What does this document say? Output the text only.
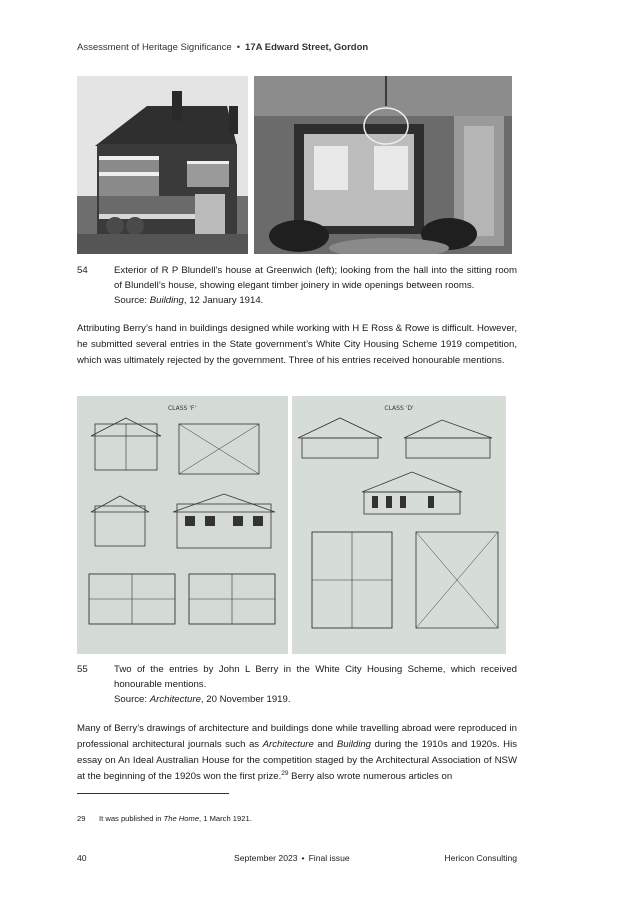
Assessment of Heritage Significance • 17A Edward Street, Gordon
54	Exterior of R P Blundell’s house at Greenwich (left); looking from the hall into the sitting room of Blundell’s house, showing elegant timber joinery in wide openings between rooms.
Source: Building, 12 January 1914.
Attributing Berry’s hand in buildings designed while working with H E Ross & Rowe is difficult. However, he submitted several entries in the State government’s White City Housing Scheme 1919 competition, which was ultimately rejected by the government. Three of his entries received honourable mentions.
CLASS 'F'	CLASS 'D'
55	Two of the entries by John L Berry in the White City Housing Scheme, which received honourable mentions.
Source: Architecture, 20 November 1919.
Many of Berry’s drawings of architecture and buildings done while travelling abroad were reproduced in professional architectural journals such as Architecture and Building during the 1910s and 1920s. His essay on An Ideal Australian House for the competition staged by the Architectural Association of NSW at the beginning of the 1920s won the first prize.$^{29}$ Berry also wrote numerous articles on
29 It was published in The Home, 1 March 1921.
40	September 2023 • Final issue	Hericon Consulting
